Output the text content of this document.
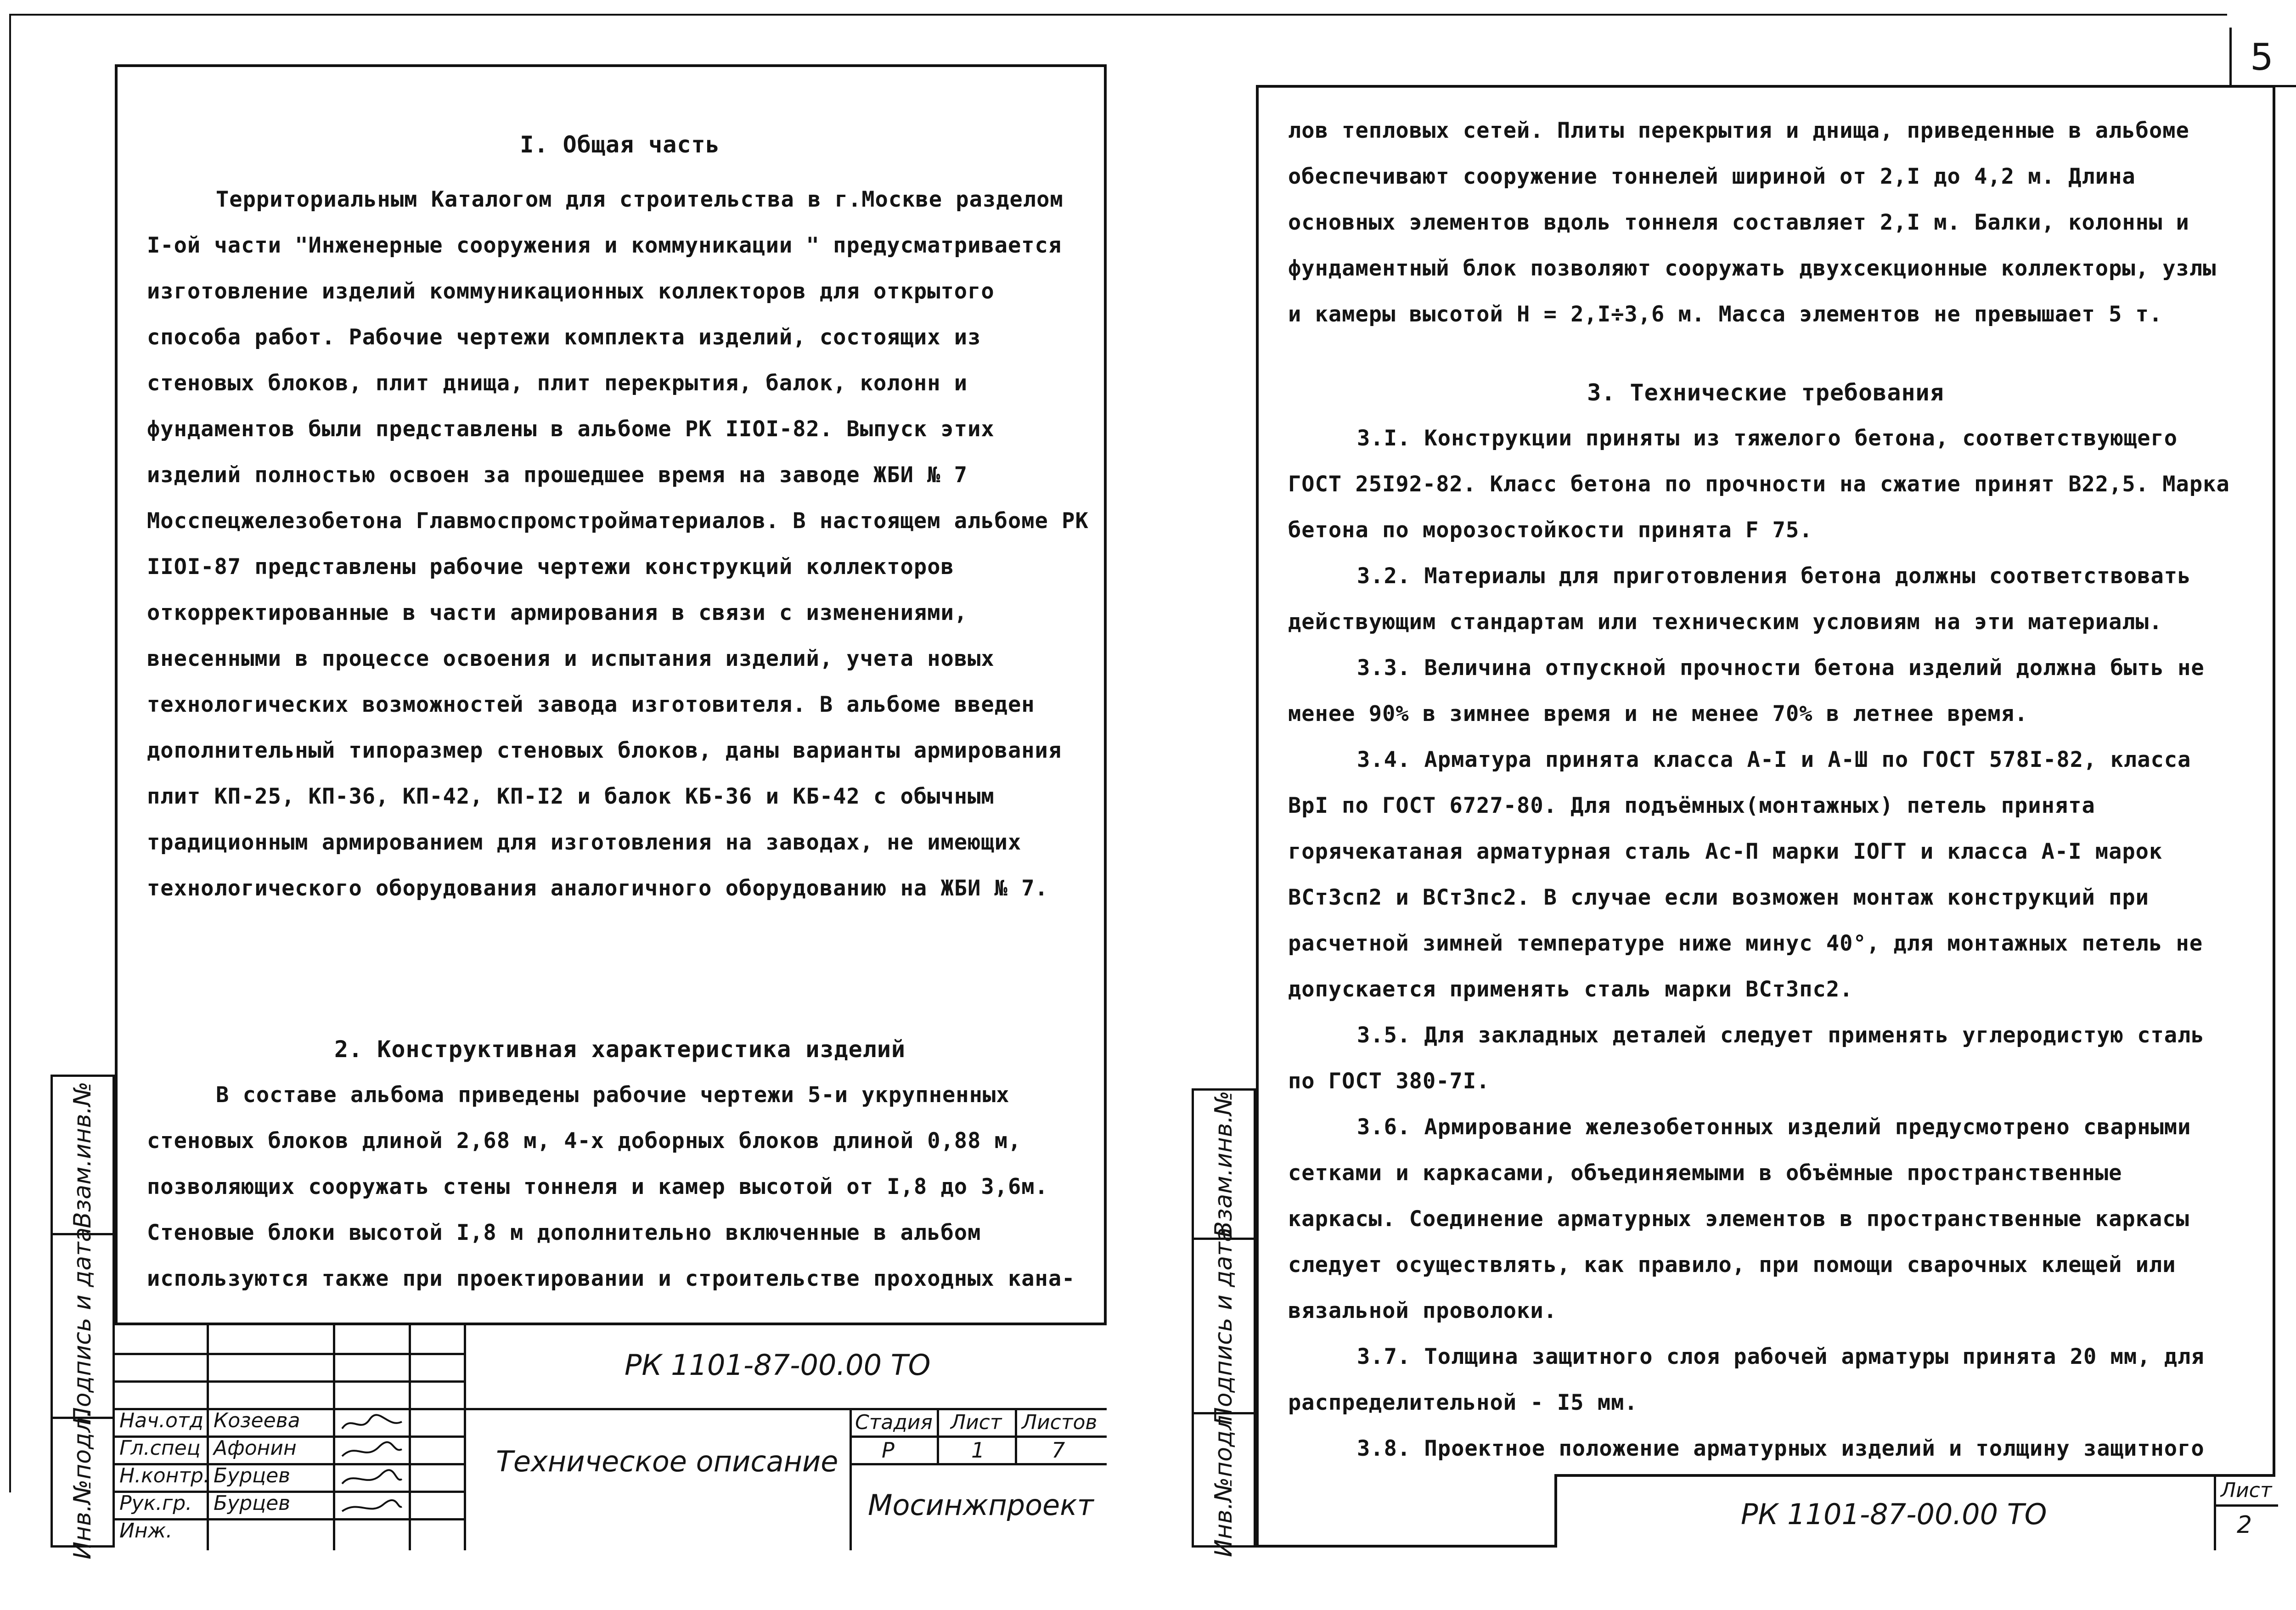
5
Взам.инв.№
Подпись и дата
Инв.№подл.

I. Общая часть

Территориальным Каталогом для строительства в г.Москве разделом I-ой части "Инженерные сооружения и коммуникации " предусматривается изготовление изделий коммуникационных коллекторов для открытого способа работ. Рабочие чертежи комплекта изделий, состоящих из стеновых блоков, плит днища, плит перекрытия, балок, колонн и фундаментов были представлены в альбоме РК IIOI-82. Выпуск этих изделий полностью освоен за прошедшее время на заводе ЖБИ № 7 Мосспецжелезобетона Главмоспромстройматериалов. В настоящем альбоме РК IIOI-87 представлены рабочие чертежи конструкций коллекторов откорректированные в части армирования в связи с изменениями, внесенными в процессе освоения и испытания изделий, учета новых технологических возможностей завода изготовителя. В альбоме введен дополнительный типоразмер стеновых блоков, даны варианты армирования плит КП-25, КП-36, КП-42, КП-I2 и балок КБ-36 и КБ-42 с обычным традиционным армированием для изготовления на заводах, не имеющих технологического оборудования аналогичного оборудованию на ЖБИ № 7.

2. Конструктивная характеристика изделий

В составе альбома приведены рабочие чертежи 5-и укрупненных стеновых блоков длиной 2,68 м, 4-х доборных блоков длиной 0,88 м, позволяющих сооружать стены тоннеля и камер высотой от I,8 до 3,6м. Стеновые блоки высотой I,8 м дополнительно включенные в альбом используются также при проектировании и строительстве проходных кана-

РК 1101-87-00.00 ТО
Нач.отд Козеева
Гл.спец Афонин
Н.контр. Бурцев
Рук.гр. Бурцев
Инж.
Техническое описание
Стадия Лист Листов
Р	1	7
Мосинжпроект
Взам.инв.№
Подпись и дата
Инв.№подл.

лов тепловых сетей. Плиты перекрытия и днища, приведенные в альбоме обеспечивают сооружение тоннелей шириной от 2,I до 4,2 м. Длина основных элементов вдоль тоннеля составляет 2,I м. Балки, колонны и фундаментный блок позволяют сооружать двухсекционные коллекторы, узлы и камеры высотой Н = 2,I÷3,6 м. Масса элементов не превышает 5 т.

3. Технические требования

3.I. Конструкции приняты из тяжелого бетона, соответствующего ГОСТ 25I92-82. Класс бетона по прочности на сжатие принят В22,5. Марка бетона по морозостойкости принята F 75.

3.2. Материалы для приготовления бетона должны соответствовать действующим стандартам или техническим условиям на эти материалы.

3.3. Величина отпускной прочности бетона изделий должна быть не менее 90% в зимнее время и не менее 70% в летнее время.

3.4. Арматура принята класса А-I и А-Ш по ГОСТ 578I-82, класса ВрI по ГОСТ 6727-80. Для подъёмных(монтажных) петель принята горячекатаная арматурная сталь Ас-П марки IОГТ и класса А-I марок ВСт3сп2 и ВСт3пс2. В случае если возможен монтаж конструкций при расчетной зимней температуре ниже минус 40°, для монтажных петель не допускается применять сталь марки ВСт3пс2.

3.5. Для закладных деталей следует применять углеродистую сталь по ГОСТ 380-7I.

3.6. Армирование железобетонных изделий предусмотрено сварными сетками и каркасами, объединяемыми в объёмные пространственные каркасы. Соединение арматурных элементов в пространственные каркасы следует осуществлять, как правило, при помощи сварочных клещей или вязальной проволоки.

3.7. Толщина защитного слоя рабочей арматуры принята 20 мм, для распределительной - I5 мм.

3.8. Проектное положение арматурных изделий и толщину защитного

РК 1101-87-00.00 ТО
Лист
2
